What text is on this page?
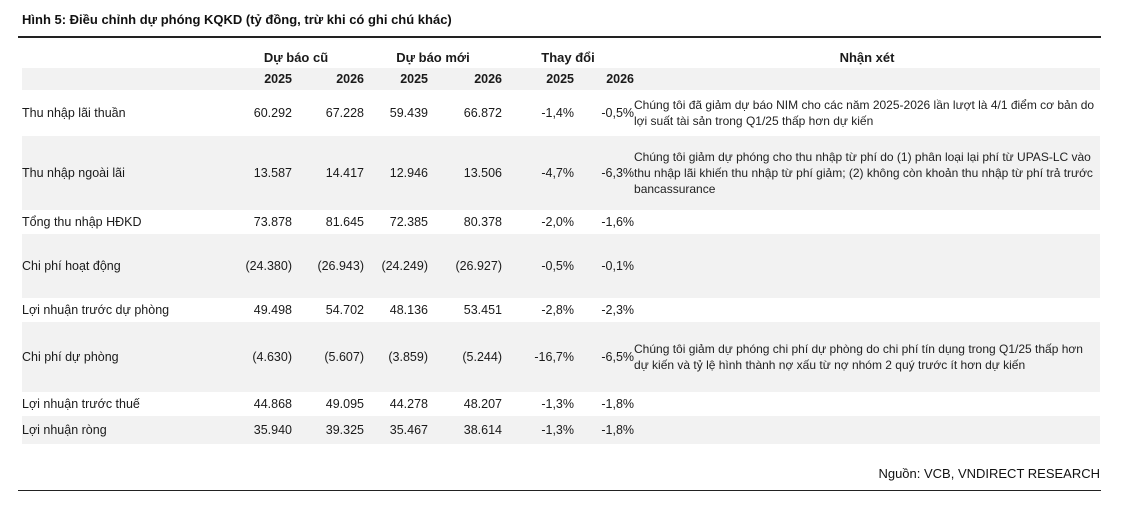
Hình 5: Điều chỉnh dự phóng KQKD (tỷ đồng, trừ khi có ghi chú khác)
	Dự báo cũ		Dự báo mới		Thay đổi		Nhận xét
	2025	2026	2025	2026	2025	2026	
Thu nhập lãi thuần	60.292	67.228	59.439	66.872	-1,4%	-0,5%	Chúng tôi đã giảm dự báo NIM cho các năm 2025-2026 lần lượt là 4/1 điểm cơ bản do lợi suất tài sản trong Q1/25 thấp hơn dự kiến
Thu nhập ngoài lãi	13.587	14.417	12.946	13.506	-4,7%	-6,3%	Chúng tôi giảm dự phóng cho thu nhập từ phí do (1) phân loại lại phí từ UPAS-LC vào thu nhập lãi khiến thu nhập từ phí giảm; (2) không còn khoản thu nhập từ phí trả trước bancassurance
Tổng thu nhập HĐKD	73.878	81.645	72.385	80.378	-2,0%	-1,6%	
Chi phí hoạt động	(24.380)	(26.943)	(24.249)	(26.927)	-0,5%	-0,1%	
Lợi nhuận trước dự phòng	49.498	54.702	48.136	53.451	-2,8%	-2,3%	
Chi phí dự phòng	(4.630)	(5.607)	(3.859)	(5.244)	-16,7%	-6,5%	Chúng tôi giảm dự phóng chi phí dự phòng do chi phí tín dụng trong Q1/25 thấp hơn dự kiến và tỷ lệ hình thành nợ xấu từ nợ nhóm 2 quý trước ít hơn dự kiến
Lợi nhuận trước thuế	44.868	49.095	44.278	48.207	-1,3%	-1,8%	
Lợi nhuận ròng	35.940	39.325	35.467	38.614	-1,3%	-1,8%	
Nguồn: VCB, VNDIRECT RESEARCH
